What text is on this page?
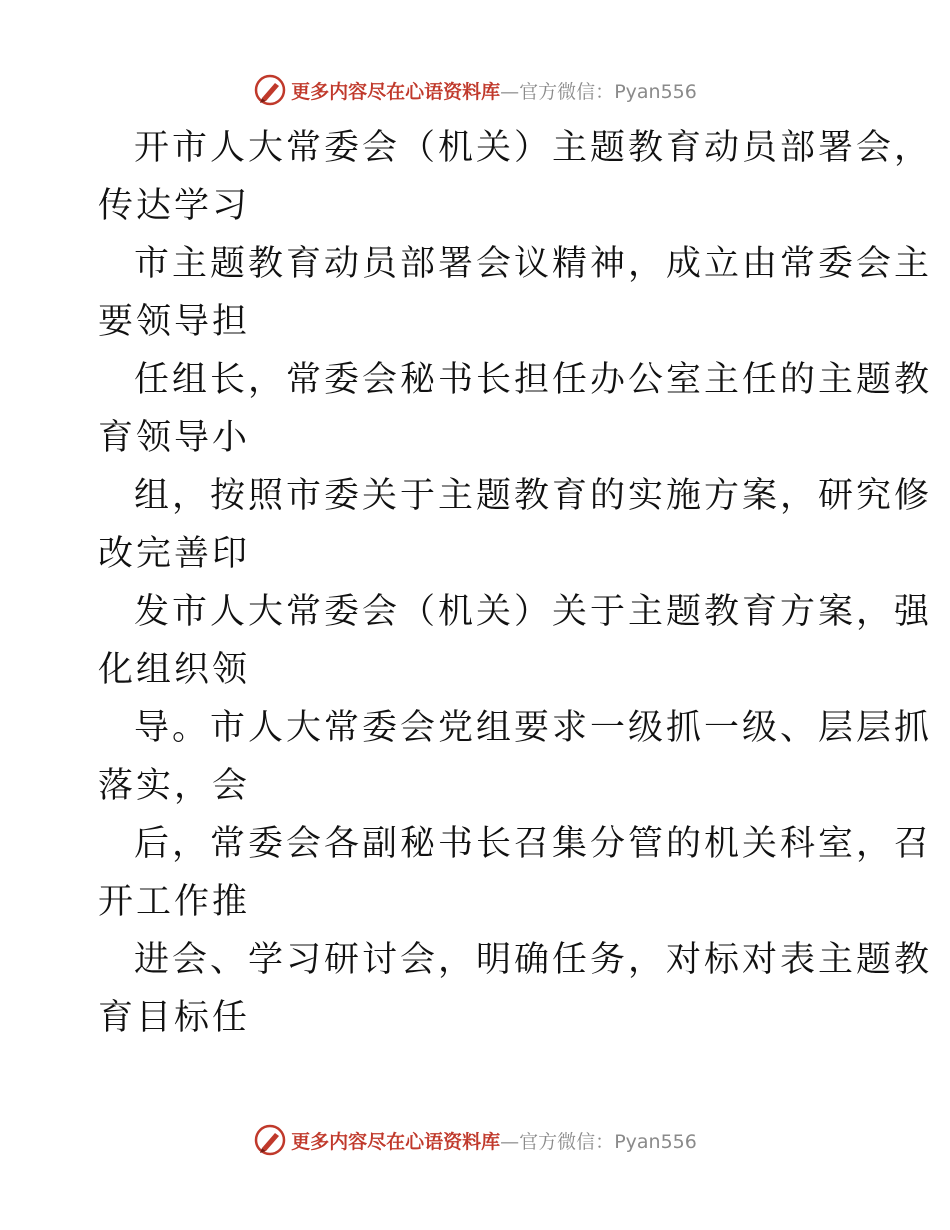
更多内容尽在心语资料库—官方微信：Pyan556

开市人大常委会（机关）主题教育动员部署会，
传达学习

市主题教育动员部署会议精神，成立由常委会主
要领导担

任组长，常委会秘书长担任办公室主任的主题教
育领导小

组，按照市委关于主题教育的实施方案，研究修
改完善印

发市人大常委会（机关）关于主题教育方案，强
化组织领

导。市人大常委会党组要求一级抓一级、层层抓
落实，会

后，常委会各副秘书长召集分管的机关科室，召
开工作推

进会、学习研讨会，明确任务，对标对表主题教
育目标任

更多内容尽在心语资料库—官方微信：Pyan556
